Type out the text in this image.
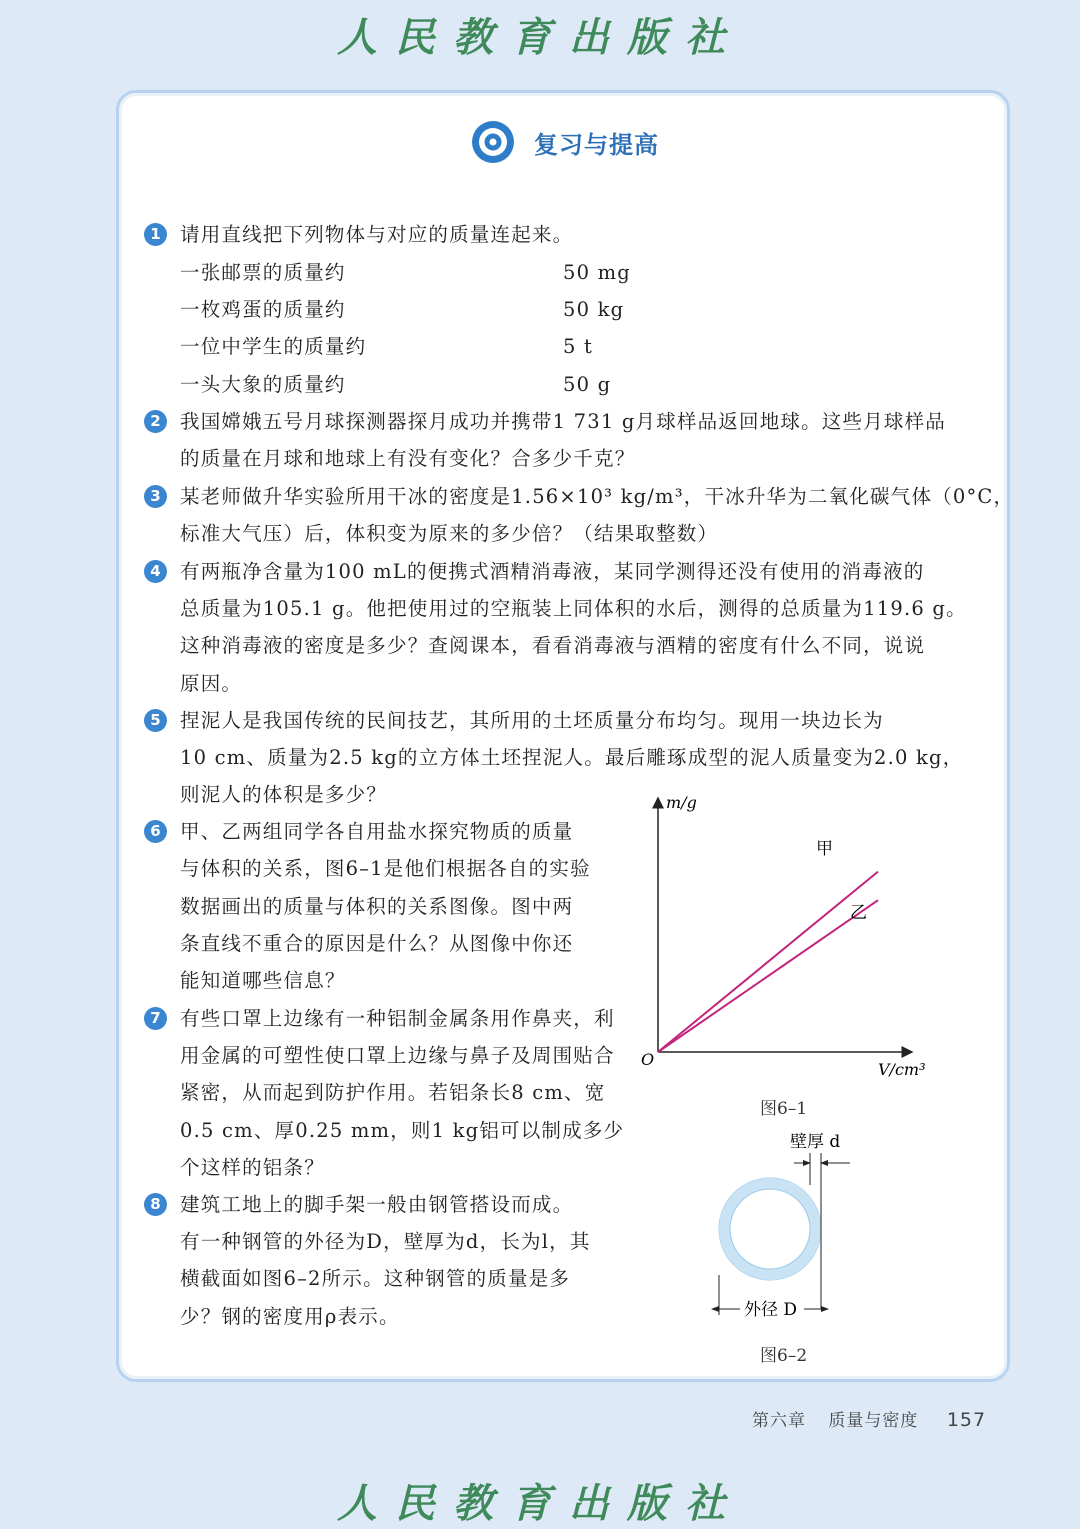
人民教育出版社
复习与提高
1 请用直线把下列物体与对应的质量连起来。
一张邮票的质量约
一枚鸡蛋的质量约
一位中学生的质量约
一头大象的质量约
50 mg
50 kg
5 t
50 g
2 我国嫦娥五号月球探测器探月成功并携带1 731 g月球样品返回地球。这些月球样品
的质量在月球和地球上有没有变化？合多少千克？
3 某老师做升华实验所用干冰的密度是1.56×10³ kg/m³，干冰升华为二氧化碳气体（0°C，
标准大气压）后，体积变为原来的多少倍？（结果取整数）
4 有两瓶净含量为100 mL的便携式酒精消毒液，某同学测得还没有使用的消毒液的
总质量为105.1 g。他把使用过的空瓶装上同体积的水后，测得的总质量为119.6 g。
这种消毒液的密度是多少？查阅课本，看看消毒液与酒精的密度有什么不同，说说
原因。
5 捏泥人是我国传统的民间技艺，其所用的土坯质量分布均匀。现用一块边长为
10 cm、质量为2.5 kg的立方体土坯捏泥人。最后雕琢成型的泥人质量变为2.0 kg，
则泥人的体积是多少？
6 甲、乙两组同学各自用盐水探究物质的质量
与体积的关系，图6–1是他们根据各自的实验
数据画出的质量与体积的关系图像。图中两
条直线不重合的原因是什么？从图像中你还
能知道哪些信息？
7 有些口罩上边缘有一种铝制金属条用作鼻夹，利
用金属的可塑性使口罩上边缘与鼻子及周围贴合
紧密，从而起到防护作用。若铝条长8 cm、宽
0.5 cm、厚0.25 mm，则1 kg铝可以制成多少
个这样的铝条？
8 建筑工地上的脚手架一般由钢管搭设而成。
有一种钢管的外径为D，壁厚为d，长为l，其
横截面如图6–2所示。这种钢管的质量是多
少？钢的密度用ρ表示。
m/g
V/cm³
O
甲
乙
图6–1
壁厚 d
外径 D
图6–2
第六章 质量与密度 157
人民教育出版社
